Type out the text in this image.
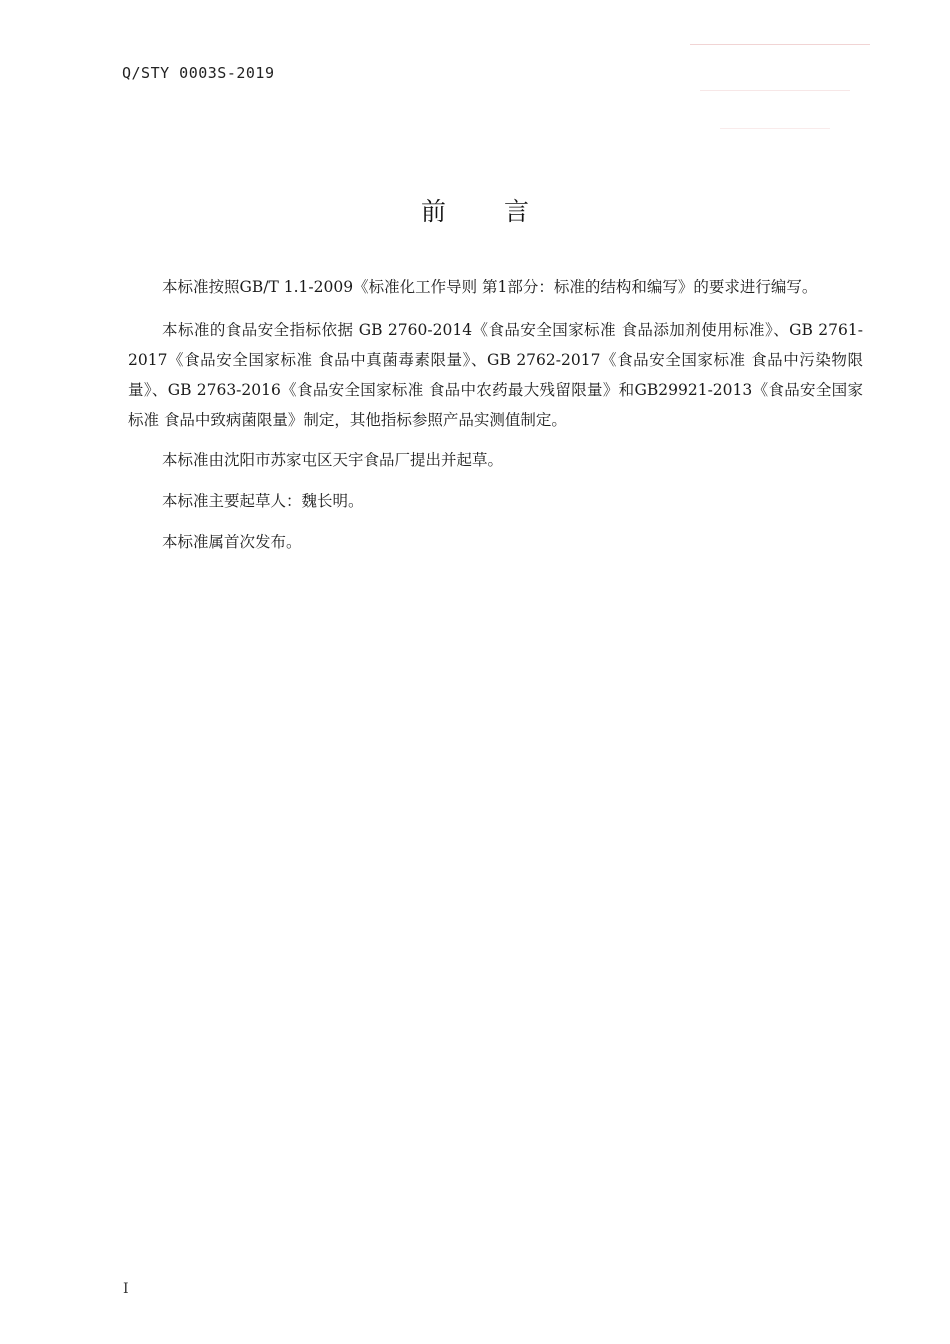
Q/STY 0003S-2019
前言

本标准按照GB/T 1.1-2009《标准化工作导则 第1部分：标准的结构和编写》的要求进行编写。

本标准的食品安全指标依据 GB 2760-2014《食品安全国家标准 食品添加剂使用标准》、GB 2761-2017《食品安全国家标准 食品中真菌毒素限量》、GB 2762-2017《食品安全国家标准 食品中污染物限量》、GB 2763-2016《食品安全国家标准 食品中农药最大残留限量》和GB29921-2013《食品安全国家标准 食品中致病菌限量》制定，其他指标参照产品实测值制定。

本标准由沈阳市苏家屯区天宇食品厂提出并起草。

本标准主要起草人：魏长明。

本标准属首次发布。

I
